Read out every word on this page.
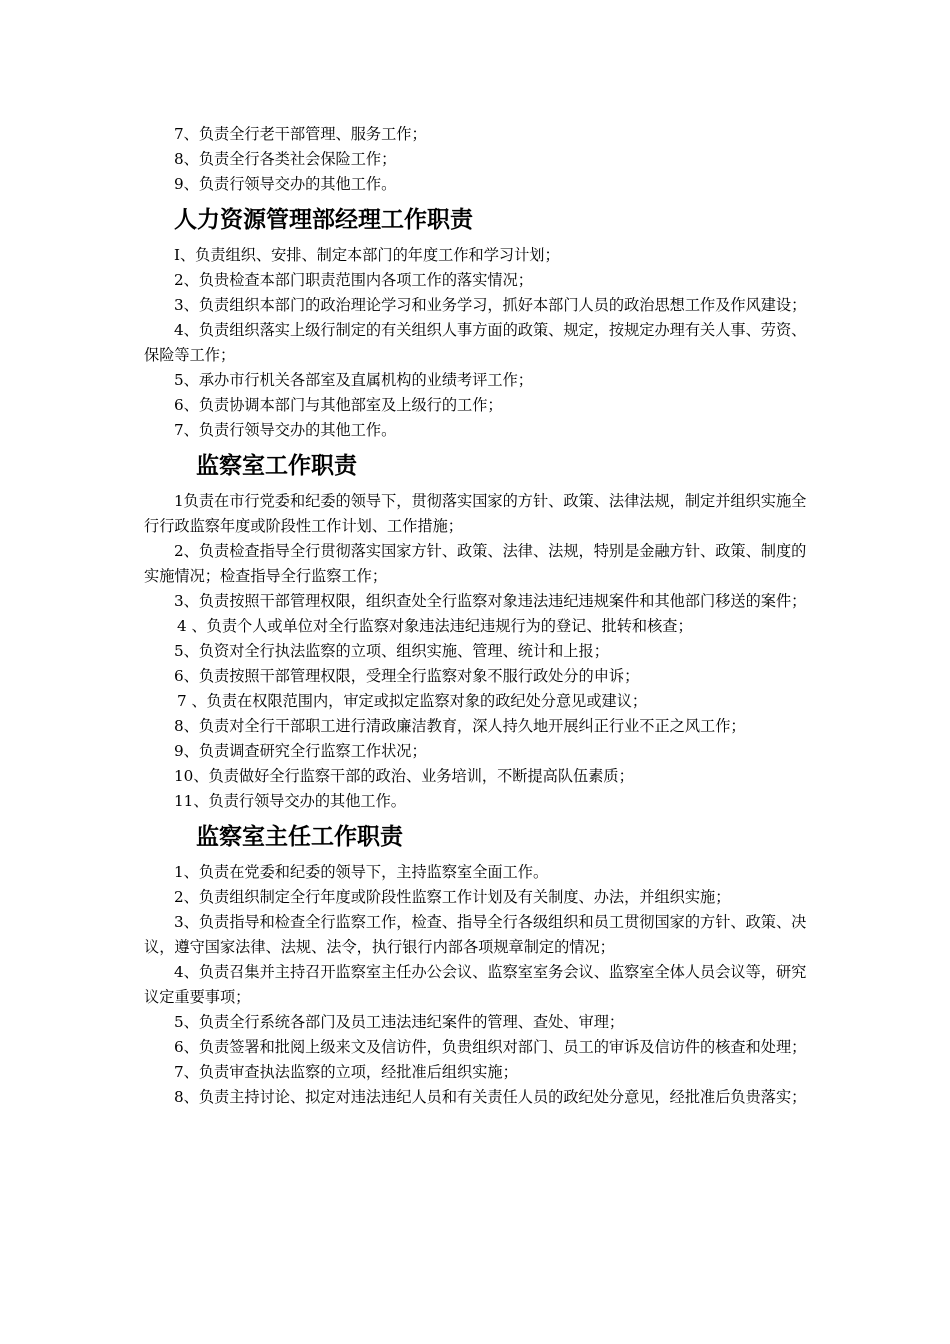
7、负责全行老干部管理、服务工作；

8、负责全行各类社会保险工作；

9、负责行领导交办的其他工作。

人力资源管理部经理工作职责

I、负责组织、安排、制定本部门的年度工作和学习计划；

2、负贵检查本部门职责范围内各项工作的落实情况；

3、负责组织本部门的政治理论学习和业务学习，抓好本部门人员的政治思想工作及作风建设；

4、负责组织落实上级行制定的有关组织人事方面的政策、规定，按规定办理有关人事、劳资、保险等工作；

5、承办市行机关各部室及直属机构的业绩考评工作；

6、负责协调本部门与其他部室及上级行的工作；

7、负责行领导交办的其他工作。

监察室工作职责

1负责在市行党委和纪委的领导下，贯彻落实国家的方针、政策、法律法规，制定并组织实施全行行政监察年度或阶段性工作计划、工作措施；

2、负责检查指导全行贯彻落实国家方针、政策、法律、法规，特别是金融方针、政策、制度的实施情况；检查指导全行监察工作；

3、负责按照干部管理权限，组织查处全行监察对象违法违纪违规案件和其他部门移送的案件；

4 、负责个人或单位对全行监察对象违法违纪违规行为的登记、批转和核查；

5、负资对全行执法监察的立项、组织实施、管理、统计和上报；

6、负责按照干部管理权限，受理全行监察对象不服行政处分的申诉；

7 、负责在权限范围内，审定或拟定监察对象的政纪处分意见或建议；

8、负责对全行干部职工进行清政廉洁教育，深人持久地开展纠正行业不正之风工作；

9、负责调查研究全行监察工作状况；

10、负责做好全行监察干部的政治、业务培训，不断提高队伍素质；

11、负责行领导交办的其他工作。

监察室主任工作职责

1、负责在党委和纪委的领导下，主持监察室全面工作。

2、负责组织制定全行年度或阶段性监察工作计划及有关制度、办法，并组织实施；

3、负责指导和检查全行监察工作，检查、指导全行各级组织和员工贯彻国家的方针、政策、决议，遵守国家法律、法规、法令，执行银行内部各项规章制定的情况；

4、负责召集并主持召开监察室主任办公会议、监察室室务会议、监察室全体人员会议等，研究议定重要事项；

5、负责全行系统各部门及员工违法违纪案件的管理、查处、审理；

6、负责签署和批阅上级来文及信访件，负贵组织对部门、员工的审诉及信访件的核查和处理；

7、负责审查执法监察的立项，经批准后组织实施；

8、负责主持讨论、拟定对违法违纪人员和有关责任人员的政纪处分意见，经批准后负贵落实；
